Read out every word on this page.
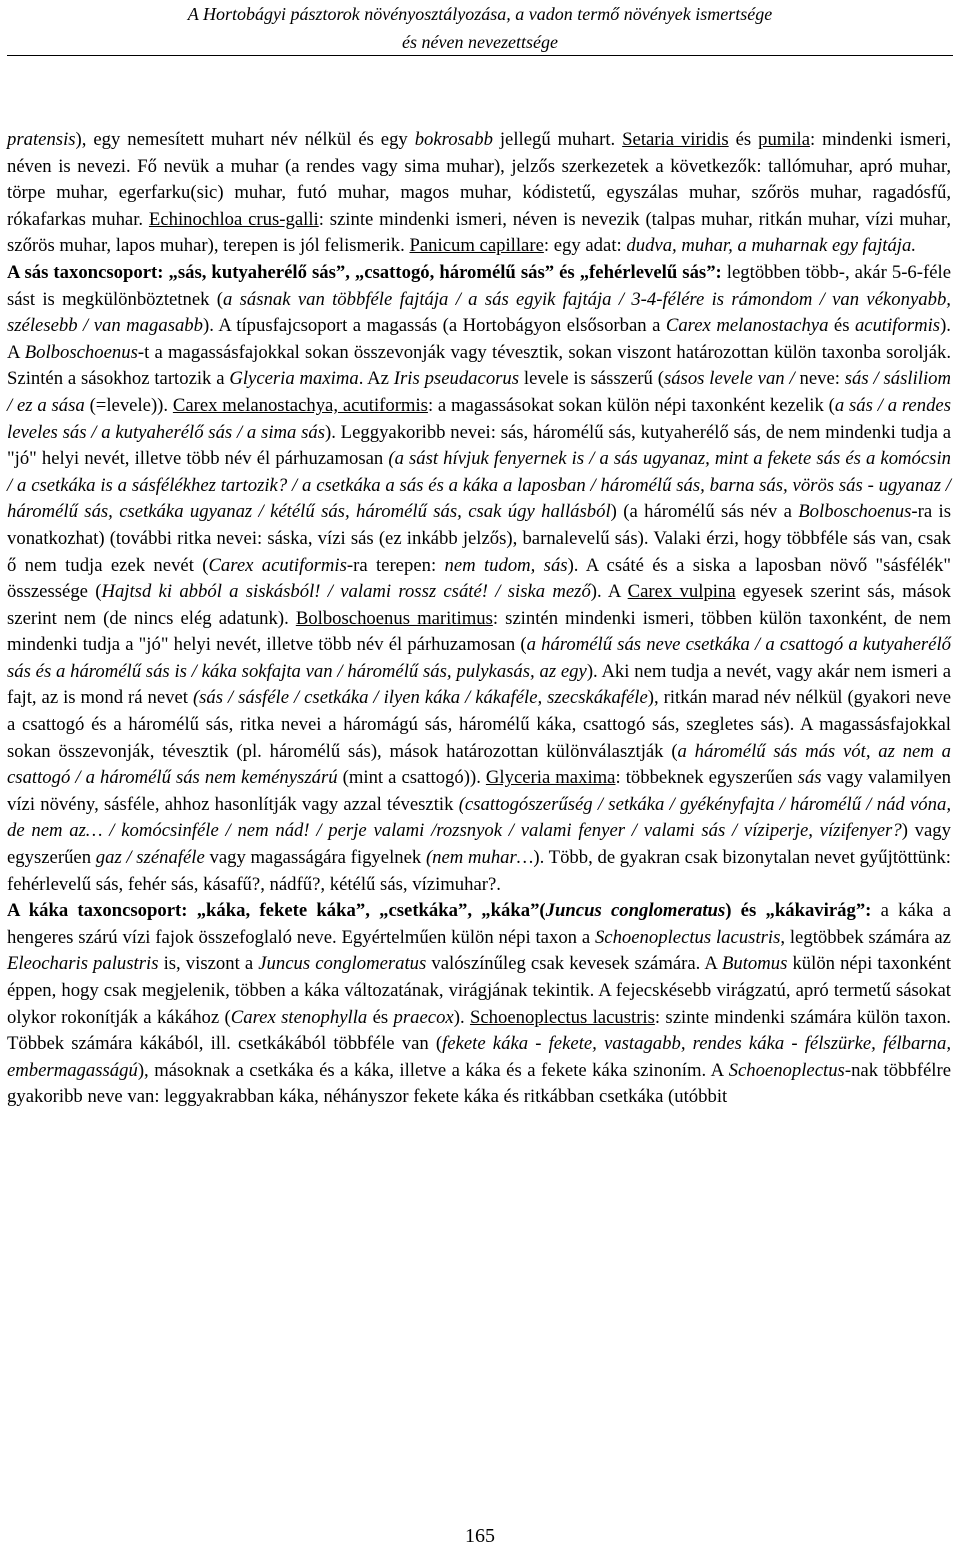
A Hortobágyi pásztorok növényosztályozása, a vadon termő növények ismertsége
és néven nevezettsége

pratensis), egy nemesített muhart név nélkül és egy bokrosabb jellegű muhart. Setaria viridis és pumila: mindenki ismeri, néven is nevezi. Fő nevük a muhar (a rendes vagy sima muhar), jelzős szerkezetek a következők: tallómuhar, apró muhar, törpe muhar, egerfarku(sic) muhar, futó muhar, magos muhar, kódistetű, egyszálas muhar, szőrös muhar, ragadósfű, rókafarkas muhar. Echinochloa crus-galli: szinte mindenki ismeri, néven is nevezik (talpas muhar, ritkán muhar, vízi muhar, szőrös muhar, lapos muhar), terepen is jól felismerik. Panicum capillare: egy adat: dudva, muhar, a muharnak egy fajtája.

A sás taxoncsoport: „sás, kutyaherélő sás”, „csattogó, háromélű sás” és „fehérlevelű sás”: legtöbben több-, akár 5-6-féle sást is megkülönböztetnek (a sásnak van többféle fajtája / a sás egyik fajtája / 3-4-félére is rámondom / van vékonyabb, szélesebb / van magasabb). A típusfajcsoport a magassás (a Hortobágyon elsősorban a Carex melanostachya és acutiformis). A Bolboschoenus-t a magassásfajokkal sokan összevonják vagy tévesztik, sokan viszont határozottan külön taxonba sorolják. Szintén a sásokhoz tartozik a Glyceria maxima. Az Iris pseudacorus levele is sásszerű (sásos levele van / neve: sás / sásliliom / ez a sása (=levele)). Carex melanostachya, acutiformis: a magassásokat sokan külön népi taxonként kezelik (a sás / a rendes leveles sás / a kutyaherélő sás / a sima sás). Leggyakoribb nevei: sás, háromélű sás, kutyaherélő sás, de nem mindenki tudja a "jó" helyi nevét, illetve több név él párhuzamosan (a sást hívjuk fenyernek is / a sás ugyanaz, mint a fekete sás és a komócsin / a csetkáka is a sásfélékhez tartozik? / a csetkáka a sás és a káka a laposban / háromélű sás, barna sás, vörös sás - ugyanaz / háromélű sás, csetkáka ugyanaz / kétélű sás, háromélű sás, csak úgy hallásból) (a háromélű sás név a Bolboschoenus-ra is vonatkozhat) (további ritka nevei: sáska, vízi sás (ez inkább jelzős), barnalevelű sás). Valaki érzi, hogy többféle sás van, csak ő nem tudja ezek nevét (Carex acutiformis-ra terepen: nem tudom, sás). A csáté és a siska a laposban növő "sásfélék" összessége (Hajtsd ki abból a siskásból! / valami rossz csáté! / siska mező). A Carex vulpina egyesek szerint sás, mások szerint nem (de nincs elég adatunk). Bolboschoenus maritimus: szintén mindenki ismeri, többen külön taxonként, de nem mindenki tudja a "jó" helyi nevét, illetve több név él párhuzamosan (a háromélű sás neve csetkáka / a csattogó a kutyaherélő sás és a háromélű sás is / káka sokfajta van / háromélű sás, pulykasás, az egy). Aki nem tudja a nevét, vagy akár nem ismeri a fajt, az is mond rá nevet (sás / sásféle / csetkáka / ilyen káka / kákaféle, szecskákaféle), ritkán marad név nélkül (gyakori neve a csattogó és a háromélű sás, ritka nevei a háromágú sás, háromélű káka, csattogó sás, szegletes sás). A magassásfajokkal sokan összevonják, tévesztik (pl. háromélű sás), mások határozottan különválasztják (a háromélű sás más vót, az nem a csattogó / a háromélű sás nem keményszárú (mint a csattogó)). Glyceria maxima: többeknek egyszerűen sás vagy valamilyen vízi növény, sásféle, ahhoz hasonlítják vagy azzal tévesztik (csattogószerűség / setkáka / gyékényfajta / háromélű / nád vóna, de nem az… / komócsinféle / nem nád! / perje valami /rozsnyok / valami fenyer / valami sás / víziperje, vízifenyer?) vagy egyszerűen gaz / szénaféle vagy magasságára figyelnek (nem muhar…). Több, de gyakran csak bizonytalan nevet gyűjtöttünk: fehérlevelű sás, fehér sás, kásafű?, nádfű?, kétélű sás, vízimuhar?.

A káka taxoncsoport: „káka, fekete káka”, „csetkáka”, „káka”(Juncus conglomeratus) és „kákavirág”: a káka a hengeres szárú vízi fajok összefoglaló neve. Egyértelműen külön népi taxon a Schoenoplectus lacustris, legtöbbek számára az Eleocharis palustris is, viszont a Juncus conglomeratus valószínűleg csak kevesek számára. A Butomus külön népi taxonként éppen, hogy csak megjelenik, többen a káka változatának, virágjának tekintik. A fejecskésebb virágzatú, apró termetű sásokat olykor rokonítják a kákához (Carex stenophylla és praecox). Schoenoplectus lacustris: szinte mindenki számára külön taxon. Többek számára kákából, ill. csetkákából többféle van (fekete káka - fekete, vastagabb, rendes káka - félszürke, félbarna, embermagasságú), másoknak a csetkáka és a káka, illetve a káka és a fekete káka szinoním. A Schoenoplectus-nak többfélre gyakoribb neve van: leggyakrabban káka, néhányszor fekete káka és ritkábban csetkáka (utóbbit

165
